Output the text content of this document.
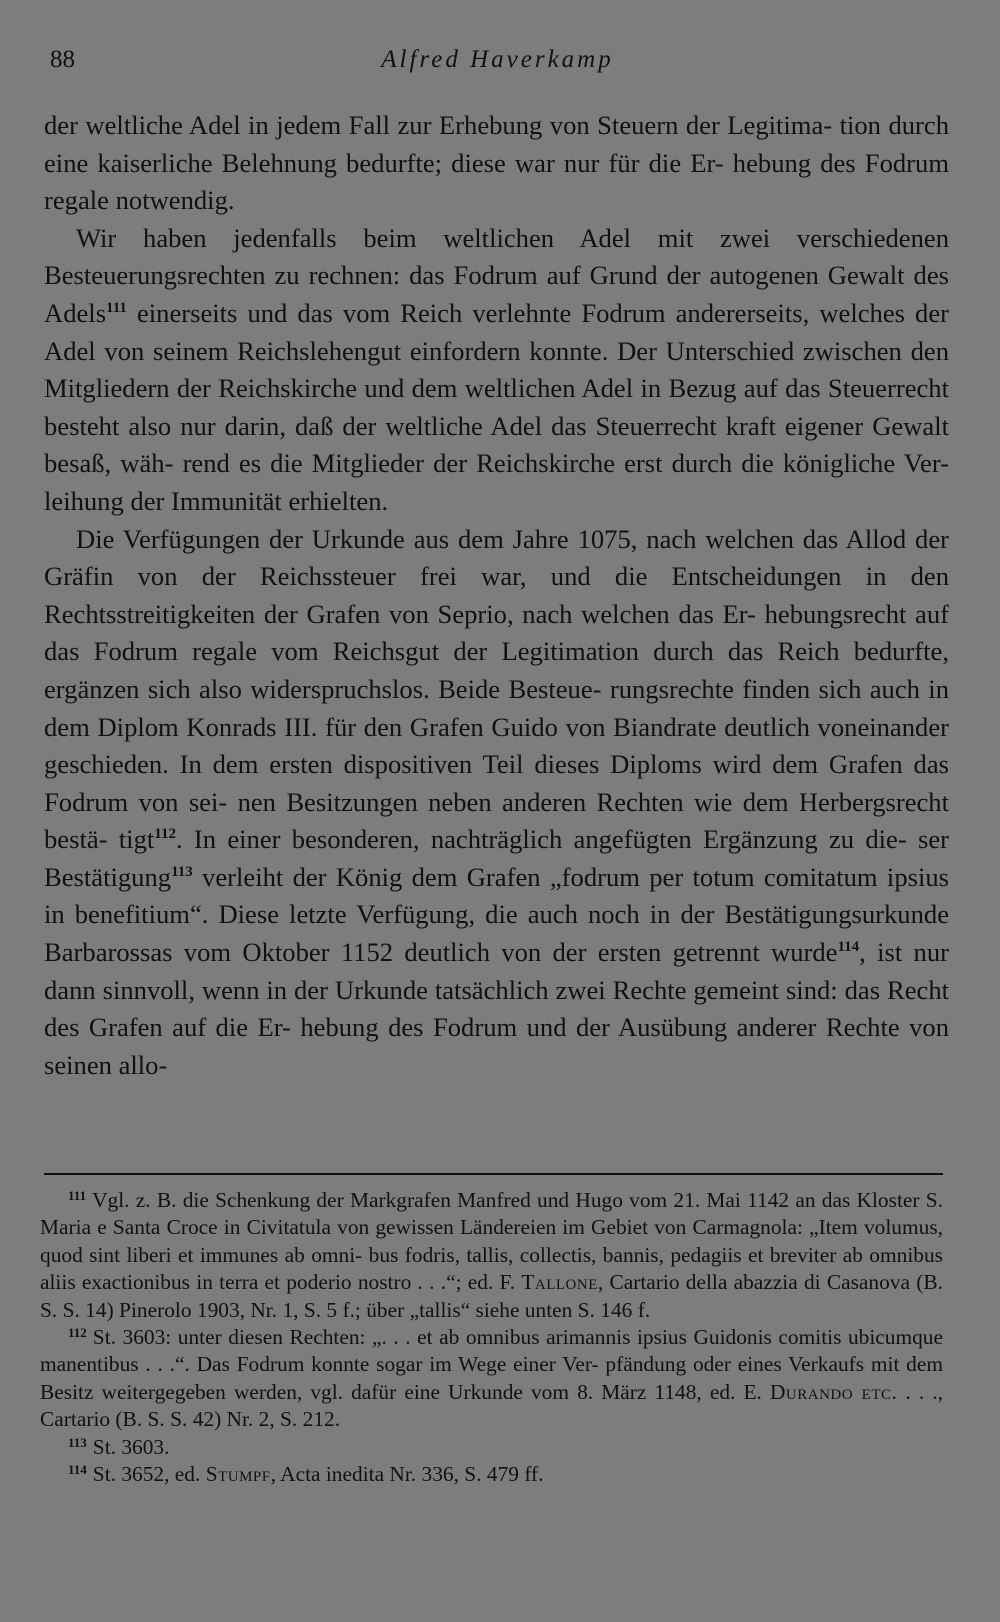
88	Alfred Haverkamp

der weltliche Adel in jedem Fall zur Erhebung von Steuern der Legitima- tion durch eine kaiserliche Belehnung bedurfte; diese war nur für die Er- hebung des Fodrum regale notwendig.

Wir haben jedenfalls beim weltlichen Adel mit zwei verschiedenen Besteuerungsrechten zu rechnen: das Fodrum auf Grund der autogenen Gewalt des Adels$^{111}$ einerseits und das vom Reich verlehnte Fodrum andererseits, welches der Adel von seinem Reichslehengut einfordern konnte. Der Unterschied zwischen den Mitgliedern der Reichskirche und dem weltlichen Adel in Bezug auf das Steuerrecht besteht also nur darin, daß der weltliche Adel das Steuerrecht kraft eigener Gewalt besaß, wäh- rend es die Mitglieder der Reichskirche erst durch die königliche Ver- leihung der Immunität erhielten.

Die Verfügungen der Urkunde aus dem Jahre 1075, nach welchen das Allod der Gräfin von der Reichssteuer frei war, und die Entscheidungen in den Rechtsstreitigkeiten der Grafen von Seprio, nach welchen das Er- hebungsrecht auf das Fodrum regale vom Reichsgut der Legitimation durch das Reich bedurfte, ergänzen sich also widerspruchslos. Beide Besteue- rungsrechte finden sich auch in dem Diplom Konrads III. für den Grafen Guido von Biandrate deutlich voneinander geschieden. In dem ersten dispositiven Teil dieses Diploms wird dem Grafen das Fodrum von sei- nen Besitzungen neben anderen Rechten wie dem Herbergsrecht bestä- tigt$^{112}$. In einer besonderen, nachträglich angefügten Ergänzung zu die- ser Bestätigung$^{113}$ verleiht der König dem Grafen „fodrum per totum comitatum ipsius in benefitium“. Diese letzte Verfügung, die auch noch in der Bestätigungsurkunde Barbarossas vom Oktober 1152 deutlich von der ersten getrennt wurde$^{114}$, ist nur dann sinnvoll, wenn in der Urkunde tatsächlich zwei Rechte gemeint sind: das Recht des Grafen auf die Er- hebung des Fodrum und der Ausübung anderer Rechte von seinen allo-

$^{111}$ Vgl. z. B. die Schenkung der Markgrafen Manfred und Hugo vom 21. Mai 1142 an das Kloster S. Maria e Santa Croce in Civitatula von gewissen Ländereien im Gebiet von Carmagnola: „Item volumus, quod sint liberi et immunes ab omni- bus fodris, tallis, collectis, bannis, pedagiis et breviter ab omnibus aliis exactionibus in terra et poderio nostro . . .“; ed. F. Tallone, Cartario della abazzia di Casanova (B. S. S. 14) Pinerolo 1903, Nr. 1, S. 5 f.; über „tallis“ siehe unten S. 146 f.

$^{112}$ St. 3603: unter diesen Rechten: „. . . et ab omnibus arimannis ipsius Guidonis comitis ubicumque manentibus . . .“. Das Fodrum konnte sogar im Wege einer Ver- pfändung oder eines Verkaufs mit dem Besitz weitergegeben werden, vgl. dafür eine Urkunde vom 8. März 1148, ed. E. Durando etc. . . ., Cartario (B. S. S. 42) Nr. 2, S. 212.

$^{113}$ St. 3603.

$^{114}$ St. 3652, ed. Stumpf, Acta inedita Nr. 336, S. 479 ff.
